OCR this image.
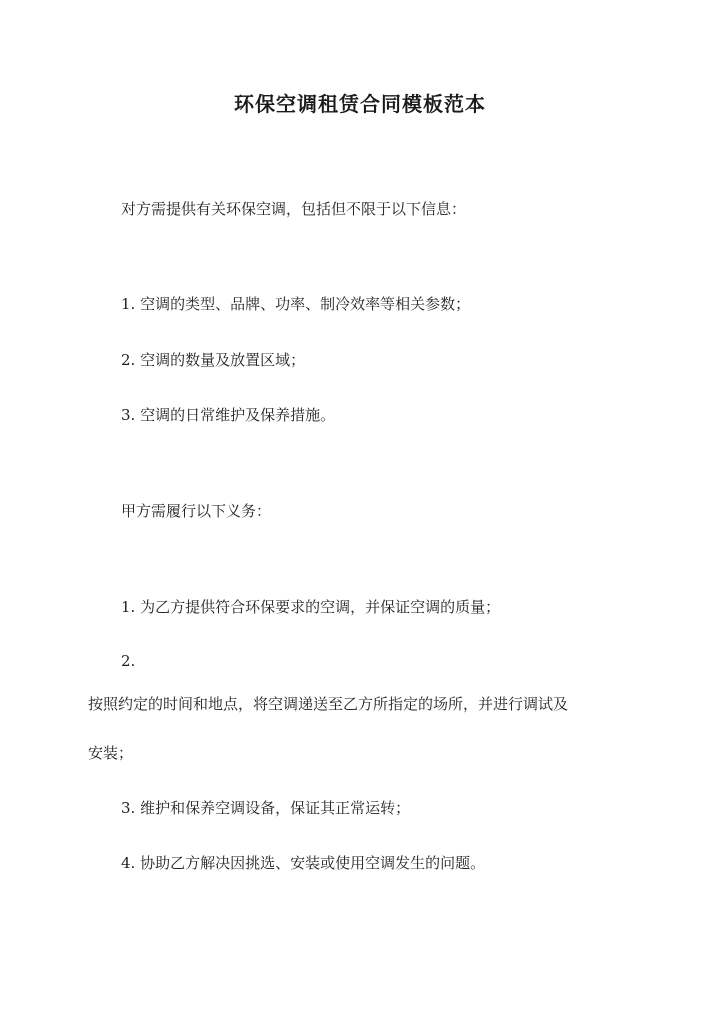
环保空调租赁合同模板范本
对方需提供有关环保空调，包括但不限于以下信息：
1. 空调的类型、品牌、功率、制冷效率等相关参数；
2. 空调的数量及放置区域；
3. 空调的日常维护及保养措施。
甲方需履行以下义务：
1. 为乙方提供符合环保要求的空调，并保证空调的质量；
2.
按照约定的时间和地点，将空调递送至乙方所指定的场所，并进行调试及
安装；
3. 维护和保养空调设备，保证其正常运转；
4. 协助乙方解决因挑选、安装或使用空调发生的问题。
